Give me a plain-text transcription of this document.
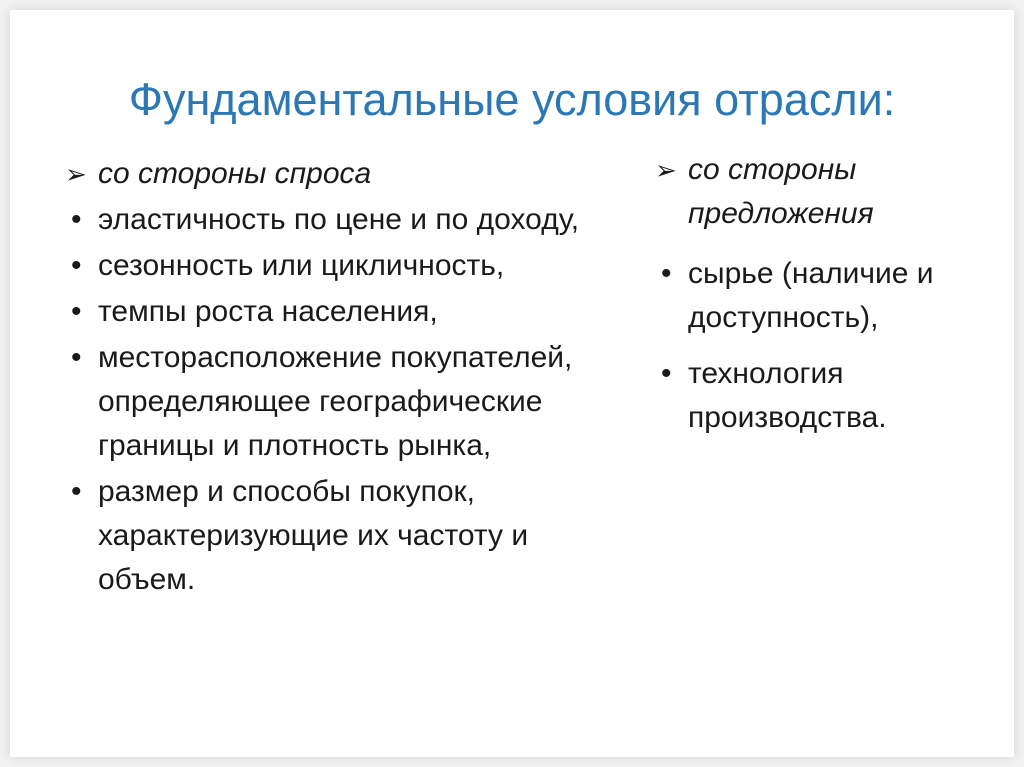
Фундаментальные условия отрасли:
➢ со стороны спроса
• эластичность по цене и по доходу,
• сезонность или цикличность,
• темпы роста населения,
• месторасположение покупателей, определяющее географические границы и плотность рынка,
• размер и способы покупок, характеризующие их частоту и объем.
➢ со стороны предложения
• сырье (наличие и доступность),
• технология производства.
